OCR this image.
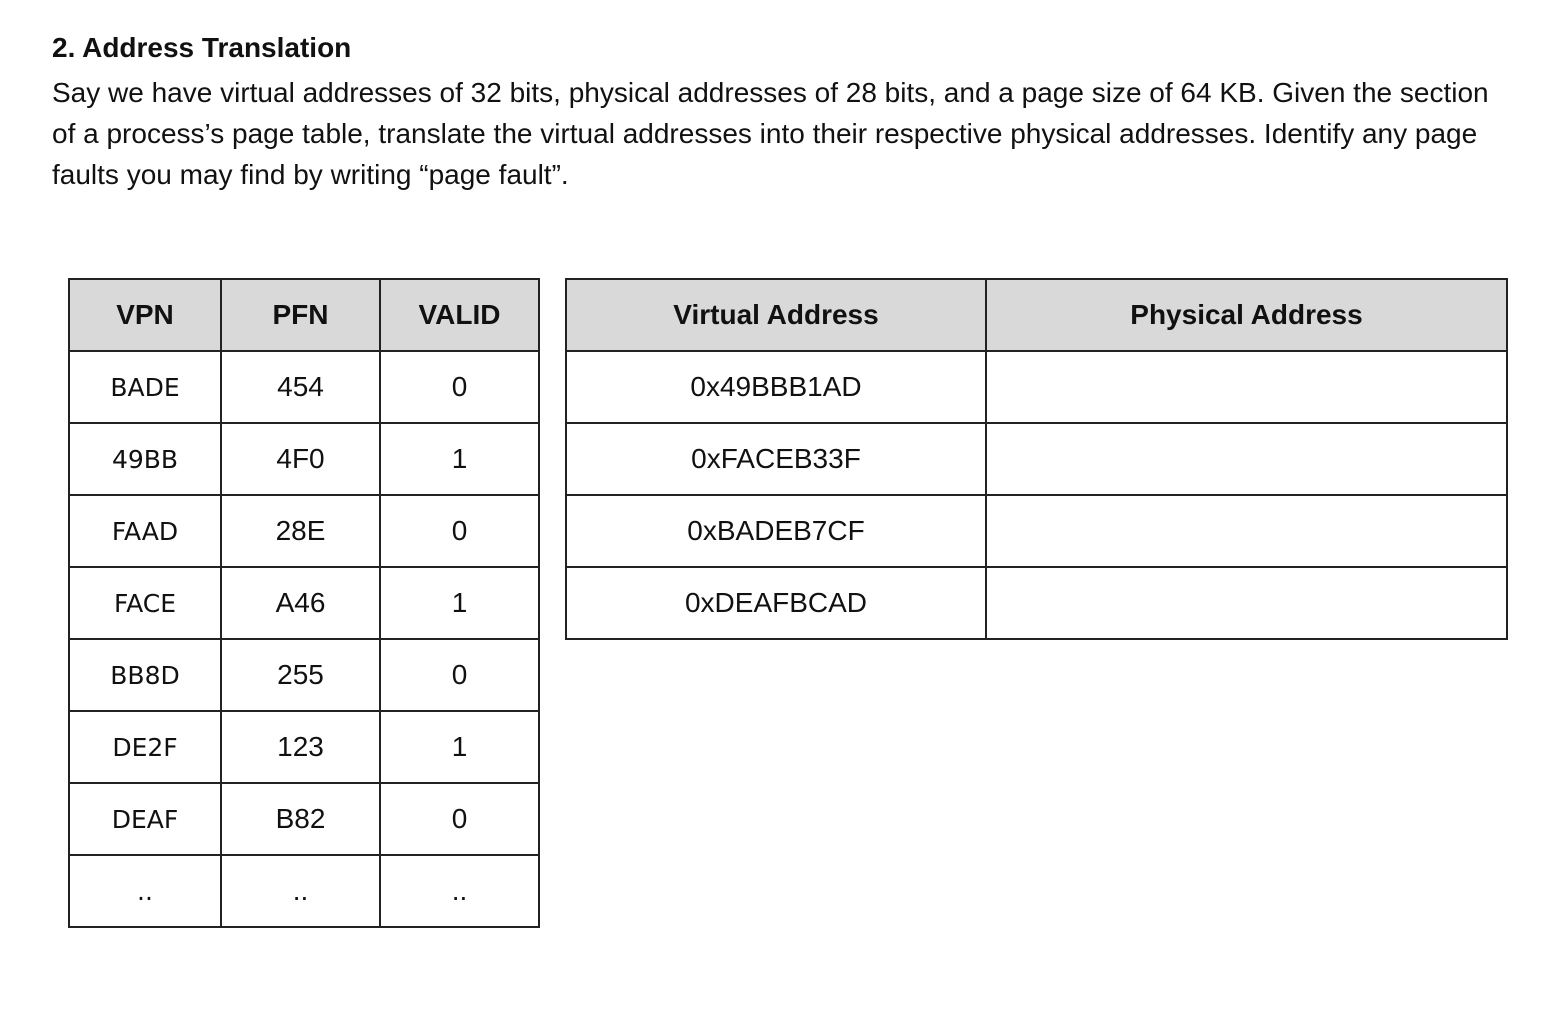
2. Address Translation
Say we have virtual addresses of 32 bits, physical addresses of 28 bits, and a page size of 64 KB. Given the section of a process’s page table, translate the virtual addresses into their respective physical addresses. Identify any page faults you may find by writing “page fault”.
VPN	PFN	VALID
BADE	454	0
49BB	4F0	1
FAAD	28E	0
FACE	A46	1
BB8D	255	0
DE2F	123	1
DEAF	B82	0
..	..	..
Virtual Address	Physical Address
0x49BBB1AD	
0xFACEB33F	
0xBADEB7CF	
0xDEAFBCAD	
